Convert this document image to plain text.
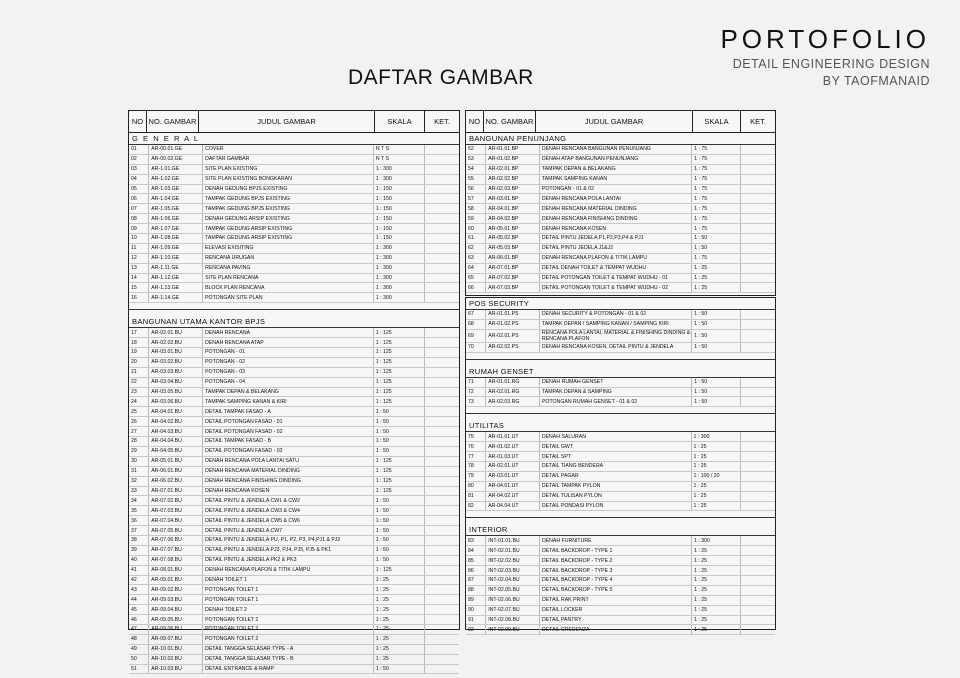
PORTOFOLIO
DETAIL ENGINEERING DESIGN
BY TAOFMANAID
DAFTAR GAMBAR
NO NO. GAMBAR	JUDUL GAMBAR	SKALA	KET.
G E N E R A L
01	AR-00.01.GE	COVER	N T S	
02	AR-00.02.GE	DAFTAR GAMBAR	N T S	
03	AR-1.01.GE	SITE PLAN EXISTING	1 : 300	
04	AR-1.02.GE	SITE PLAN EXISTING BONGKARAN	1 : 300	
05	AR-1.03.GE	DENAH GEDUNG BPJS EXISTING	1 : 150	
06	AR-1.04.GE	TAMPAK GEDUNG BPJS EXISTING	1 : 150	
07	AR-1.05.GE	TAMPAK GEDUNG BPJS EXISTING	1 : 150	
08	AR-1.06.GE	DENAH GEDUNG ARSIP EXISTING	1 : 150	
09	AR-1.07.GE	TAMPAK GEDUNG ARSIP EXISTING	1 : 150	
10	AR-1.08.GE	TAMPAK GEDUNG ARSIP EXISTING	1 : 150	
11	AR-1.09.GE	ELEVASI EXISITING	1 : 300	
12	AR-1.10.GE	RENCANA URUGAN	1 : 300	
13	AR-1.11.GE	RENCANA PAVING	1 : 300	
14	AR-1.12.GE	SITE PLAN RENCANA	1 : 300	
15	AR-1.13.GE	BLOCK PLAN RENCANA	1 : 300	
16	AR-1.14.GE	POTONGAN SITE PLAN	1 : 300	
BANGUNAN UTAMA KANTOR BPJS
17	AR-02.01.BU	DENAH RENCANA	1 : 125	
18	AR-02.02.BU	DENAH RENCANA ATAP	1 : 125	
19	AR-03.01.BU	POTONGAN - 01	1 : 125	
20	AR-03.02.BU	POTONGAN - 02	1 : 125	
21	AR-03.03.BU	POTONGAN - 03	1 : 125	
22	AR-03.04.BU	POTONGAN - 04	1 : 125	
23	AR-03.05.BU	TAMPAK DEPAN & BELAKANG	1 : 125	
24	AR-03.06.BU	TAMPAK SAMPING KANAN & KIRI	1 : 125	
25	AR-04.01.BU	DETAIL TAMPAK FASAD - A	1 : 50	
26	AR-04.02.BU	DETAIL POTONGAN FASAD - 01	1 : 50	
27	AR-04.03.BU	DETAIL POTONGAN FASAD - 02	1 : 50	
28	AR-04.04.BU	DETAIL TAMPAK FASAD - B	1 : 50	
29	AR-04.05.BU	DETAIL POTONGAN FASAD - 03	1 : 50	
30	AR-05.01.BU	DENAH RENCANA POLA LANTAI SATU	1 : 125	
31	AR-06.01.BU	DENAH RENCANA MATERIAL DINDING	1 : 125	
32	AR-06.02.BU	DENAH RENCANA FINISHING DINDING	1 : 125	
33	AR-07.01.BU	DENAH RENCANA KOSEN	1 : 125	
34	AR-07.02.BU	DETAIL PINTU & JENDELA CW1 & CW2	1 : 50	
35	AR-07.03.BU	DETAIL PINTU & JENDELA CW3 & CW4	1 : 50	
36	AR-07.04.BU	DETAIL PINTU & JENDELA CW5 & CW6	1 : 50	
37	AR-07.05.BU	DETAIL PINTU & JENDELA CW7	1 : 50	
38	AR-07.06.BU	DETAIL PINTU & JENDELA PU, P1, P2, P3, P4,PJ1 & PJ2	1 : 50	
39	AR-07.07.BU	DETAIL PINTU & JENDELA PJ3, PJ4, PJ5, PJ5 & PK1	1 : 50	
40	AR-07.08.BU	DETAIL PINTU & JENDELA PK2 & PK3	1 : 50	
41	AR-08.01.BU	DENAH RENCANA PLAFON & TITIK LAMPU	1 : 125	
42	AR-09.01.BU	DENAH TOILET 1	1 : 25	
43	AR-09.02.BU	POTONGAN TOILET 1	1 : 25	
44	AR-09.03.BU	POTONGAN TOILET 1	1 : 25	
45	AR-09.04.BU	DENAH TOILET 2	1 : 25	
46	AR-09.05.BU	POTONGAN TOILET 2	1 : 25	
47	AR-09.06.BU	POTONGAN TOILET 2	1 : 25	
48	AR-09.07.BU	POTONGAN TOILET 2	1 : 25	
49	AR-10.01.BU	DETAIL TANGGA SELASAR TYPE - A	1 : 25	
50	AR-10.02.BU	DETAIL TANGGA SELASAR TYPE - B	1 : 25	
51	AR-10.03.BU	DETAIL ENTRANCE & RAMP	1 : 50	
NO NO. GAMBAR	JUDUL GAMBAR	SKALA	KET.
BANGUNAN PENUNJANG
52	AR-01.01.BP	DENAH RENCANA BANGUNAN PENUNJANG	1 : 75	
53	AR-01.02.BP	DENAH ATAP BANGUNAN PENUNJANG	1 : 75	
54	AR-02.01.BP	TAMPAK DEPAN & BELAKANG	1 : 75	
55	AR-02.02.BP	TAMPAK SAMPING KANAN	1 : 75	
56	AR-02.03.BP	POTONGAN - 01 & 02	1 : 75	
57	AR-03.01.BP	DENAH RENCANA POLA LANTAI	1 : 75	
58	AR-04.01.BP	DENAH RENCANA MATERIAL DINDING	1 : 75	
59	AR-04.02.BP	DENAH RENCANA FINISHING DINDING	1 : 75	
60	AR-05.01.BP	DENAH RENCANA KOSEN	1 : 75	
61	AR-05.02.BP	DETAIL PINTU JEDELA P1,P2,P3,P4 & PJ1	1 : 50	
62	AR-05.03.BP	DETAIL PINTU JEDELA J1&J2	1 : 50	
63	AR-06.01.BP	DENAH RENCANA PLAFON & TITIK LAMPU	1 : 75	
64	AR-07.01.BP	DETAIL DENAH TOILET & TEMPAT WUDHU	1 : 25	
65	AR-07.02.BP	DETAIL POTONGAN TOILET & TEMPAT WUDHU - 01	1 : 25	
66	AR-07.03.BP	DETAIL POTONGAN TOILET & TEMPAT WUDHU - 02	1 : 25	
POS SECURITY
67	AR-01.01.PS	DENAH SECURITY & POTONGAN - 01 & 02	1 : 50	
68	AR-01.02.PS	TAMPAK DEPAN / SAMPING KANAN / SAMPING KIRI	1 : 50	
69	AR-02.01.PS	RENCANA POLA LANTAI, MATERIAL & FINISHING DINDING & RENCANA PLAFON	1 : 50	
70	AR-02.02.PS	DENAH RENCANA KOSEN, DETAIL PINTU & JENDELA	1 : 50	
RUMAH GENSET
71	AR-01.01.RG	DENAH RUMAH GENSET	1 : 50	
72	AR-02.01.RG	TAMPAK DEPAN & SAMPING	1 : 50	
73	AR-02.03.RG	POTONGAN RUMAH GENSET - 01 & 02	1 : 50	
UTILITAS
75	AR-01.01.UT	DENAH SALURAN	1 : 300	
76	AR-01.02.UT	DETAIL GWT	1 : 25	
77	AR-01.03.UT	DETAIL SPT	1 : 25	
78	AR-02.01.UT	DETAIL TIANG BENDERA	1 : 25	
79	AR-03.01.UT	DETAIL PAGAR	1 : 100 / 20	
80	AR-04.01.UT	DETAIL TAMPAK PYLON	1 : 25	
81	AR-04.02.UT	DETAIL TULISAN PYLON	1 : 25	
82	AR-04.04.UT	DETAIL PONDASI PYLON	1 : 25	
INTERIOR
83	INT-01.01.BU	DENAH FURNITURE	1 : 300	
84	INT-02.01.BU	DETAIL BACKDROP - TYPE 1	1 : 25	
85	INT-02.02.BU	DETAIL BACKDROP - TYPE 2	1 : 25	
86	INT-02.03.BU	DETAIL BACKDROP - TYPE 3	1 : 25	
87	INT-02.04.BU	DETAIL BACKDROP - TYPE 4	1 : 25	
88	INT-02.05.BU	DETAIL BACKDROP - TYPE 5	1 : 25	
89	INT-02.06.BU	DETAIL RAK PRINT	1 : 25	
90	INT-02.07.BU	DETAIL LOCKER	1 : 25	
91	INT-02.08.BU	DETAIL PANTRY	1 : 25	
92	INT-02.09.BU	DETAIL CREDENZA	1 : 25	
